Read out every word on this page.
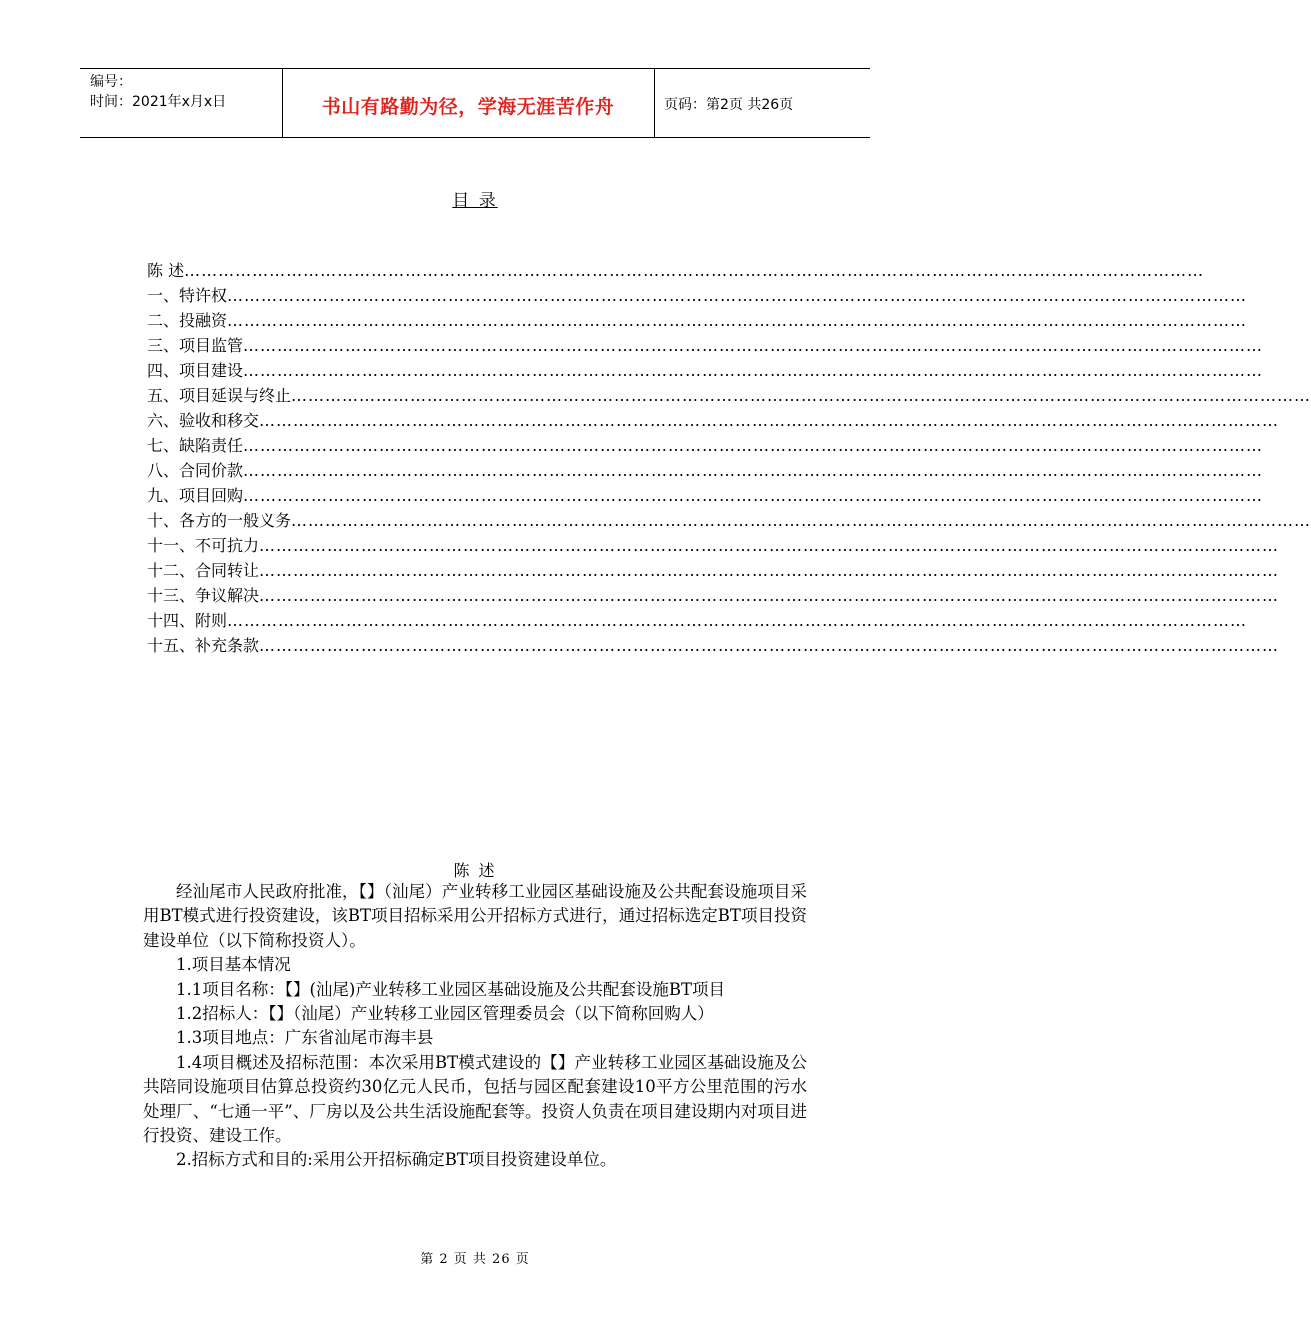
编号：
时间：2021年x月x日	书山有路勤为径，学海无涯苦作舟	页码：第2页 共26页
目 录
陈 述 ………………………………………………………………………………………………………………………………………………………………
一、特许权 ………………………………………………………………………………………………………………………………………………………………
二、投融资 ………………………………………………………………………………………………………………………………………………………………
三、项目监管 ………………………………………………………………………………………………………………………………………………………………
四、项目建设 ………………………………………………………………………………………………………………………………………………………………
五、项目延误与终止 ………………………………………………………………………………………………………………………………………………………………
六、验收和移交 ………………………………………………………………………………………………………………………………………………………………
七、缺陷责任 ………………………………………………………………………………………………………………………………………………………………
八、合同价款 ………………………………………………………………………………………………………………………………………………………………
九、项目回购 ………………………………………………………………………………………………………………………………………………………………
十、各方的一般义务 ………………………………………………………………………………………………………………………………………………………………
十一、不可抗力 ………………………………………………………………………………………………………………………………………………………………
十二、合同转让 ………………………………………………………………………………………………………………………………………………………………
十三、争议解决 ………………………………………………………………………………………………………………………………………………………………
十四、附则 ………………………………………………………………………………………………………………………………………………………………
十五、补充条款 ………………………………………………………………………………………………………………………………………………………………
陈 述

经汕尾市人民政府批准，【】（汕尾）产业转移工业园区基础设施及公共配套设施项目采用BT模式进行投资建设，该BT项目招标采用公开招标方式进行，通过招标选定BT项目投资建设单位（以下简称投资人）。

1.项目基本情况

1.1项目名称：【】(汕尾)产业转移工业园区基础设施及公共配套设施BT项目

1.2招标人：【】（汕尾）产业转移工业园区管理委员会（以下简称回购人）

1.3项目地点：广东省汕尾市海丰县

1.4项目概述及招标范围：本次采用BT模式建设的【】产业转移工业园区基础设施及公共陪同设施项目估算总投资约30亿元人民币，包括与园区配套建设10平方公里范围的污水处理厂、“七通一平”、厂房以及公共生活设施配套等。投资人负责在项目建设期内对项目进行投资、建设工作。

2.招标方式和目的:采用公开招标确定BT项目投资建设单位。

第 2 页 共 26 页
